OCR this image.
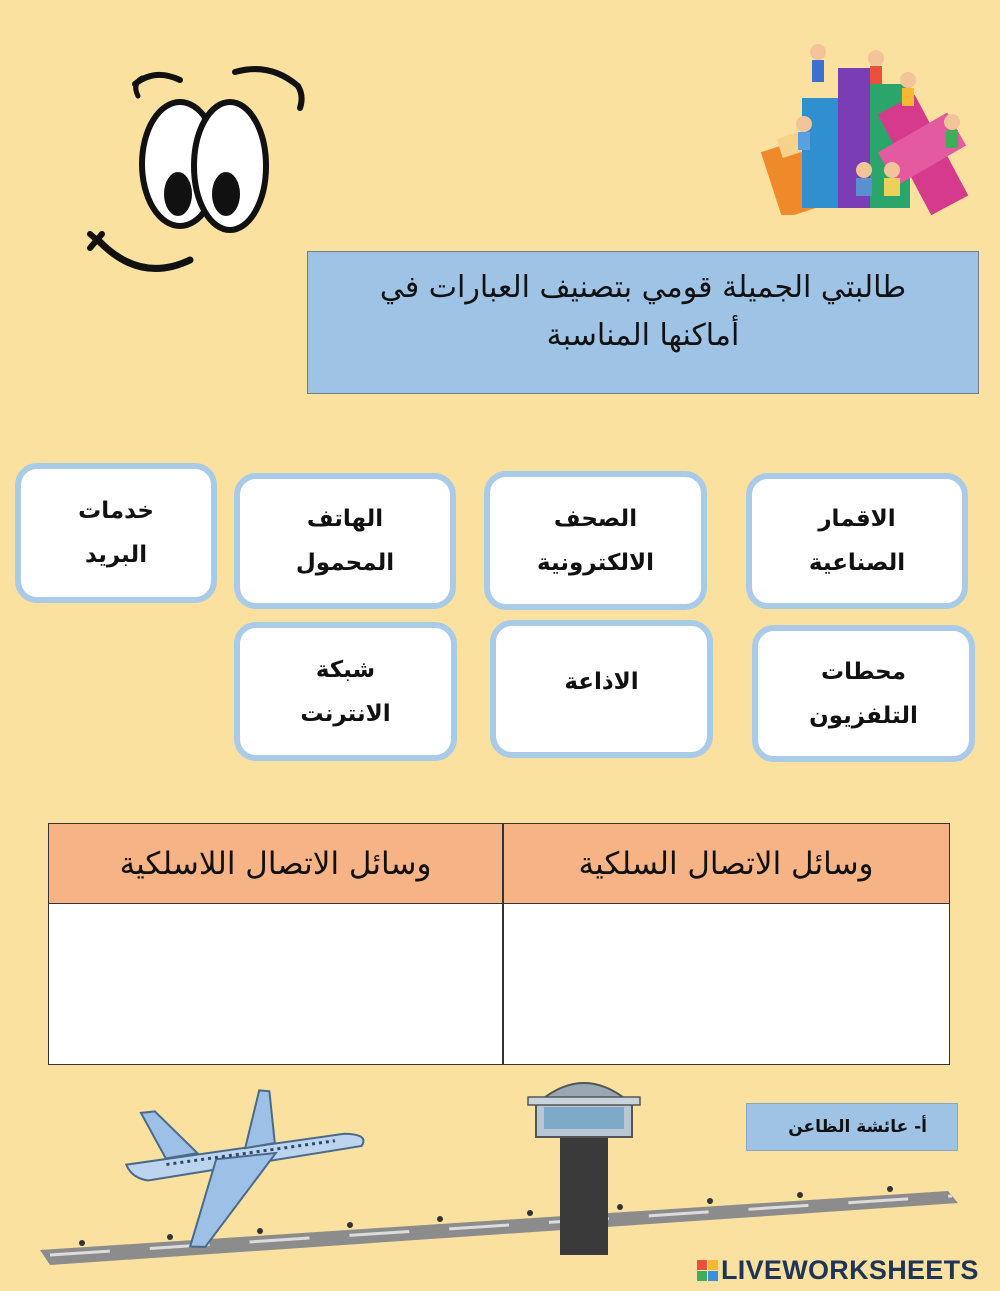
طالبتي الجميلة قومي بتصنيف العبارات في
أماكنها المناسبة
الاقمار
الصناعية
الصحف
الالكترونية
الهاتف
المحمول
خدمات
البريد
محطات
التلفزيون
الاذاعة
شبكة
الانترنت
وسائل الاتصال اللاسلكية	وسائل الاتصال السلكية
أ- عائشة الظاعن
LIVEWORKSHEETS
